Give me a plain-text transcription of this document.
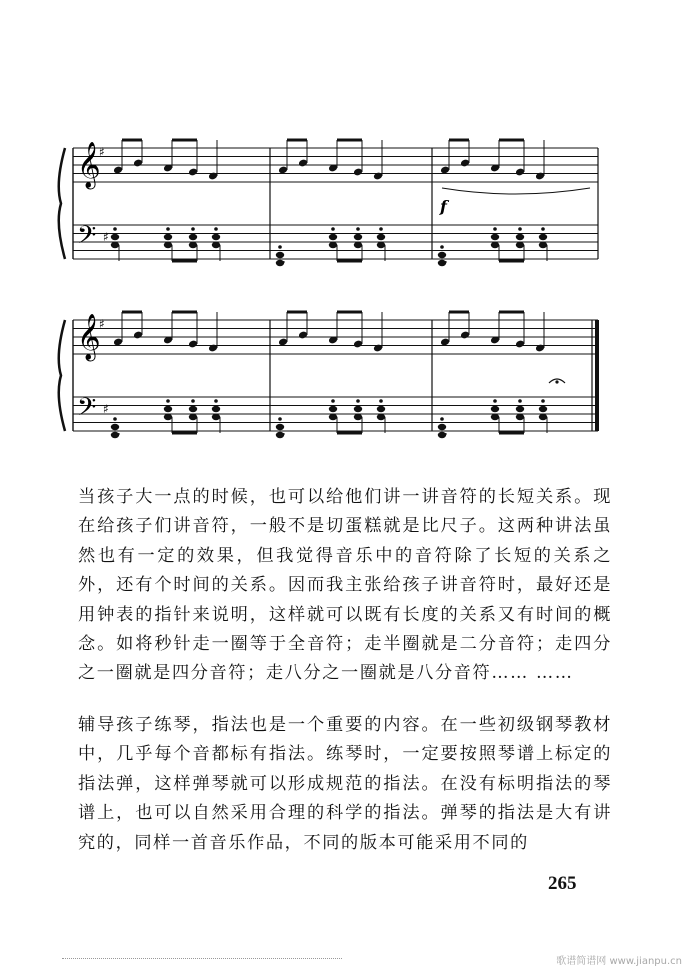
𝄞
𝄢
♯
♯
f
𝄞
𝄢
♯
♯

当孩子大一点的时候，也可以给他们讲一讲音符的长短关系。现在给孩子们讲音符，一般不是切蛋糕就是比尺子。这两种讲法虽然也有一定的效果，但我觉得音乐中的音符除了长短的关系之外，还有个时间的关系。因而我主张给孩子讲音符时，最好还是用钟表的指针来说明，这样就可以既有长度的关系又有时间的概念。如将秒针走一圈等于全音符；走半圈就是二分音符；走四分之一圈就是四分音符；走八分之一圈就是八分音符…… ……

辅导孩子练琴，指法也是一个重要的内容。在一些初级钢琴教材中，几乎每个音都标有指法。练琴时，一定要按照琴谱上标定的指法弹，这样弹琴就可以形成规范的指法。在没有标明指法的琴谱上，也可以自然采用合理的科学的指法。弹琴的指法是大有讲究的，同样一首音乐作品，不同的版本可能采用不同的

265
歌谱简谱网 www.jianpu.cn
